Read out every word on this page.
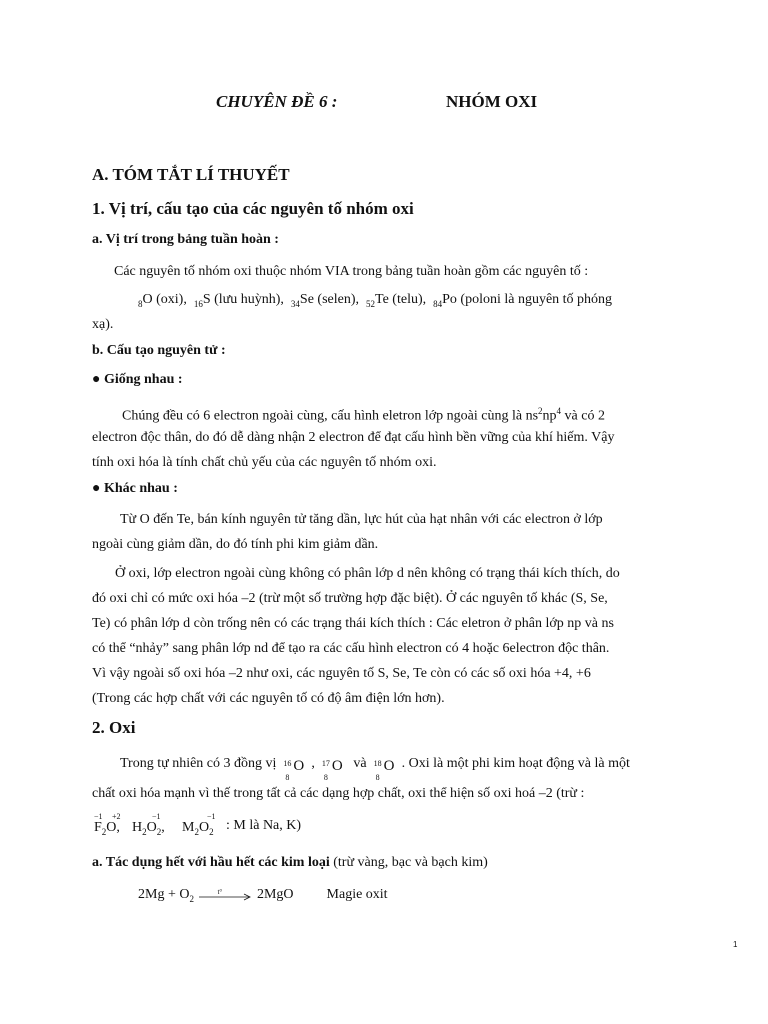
CHUYÊN ĐỀ 6 :	NHÓM OXI
A. TÓM TẮT LÍ THUYẾT
1. Vị trí, cấu tạo của các nguyên tố nhóm oxi
a. Vị trí trong bảng tuần hoàn :
Các nguyên tố nhóm oxi thuộc nhóm VIA trong bảng tuần hoàn gồm các nguyên tố :
$_8$O (oxi), $_{16}$S (lưu huỳnh), $_{34}$Se (selen), $_{52}$Te (telu), $_{84}$Po (poloni là nguyên tố phóng
xạ).
b. Cấu tạo nguyên tử :
● Giống nhau :
Chúng đều có 6 electron ngoài cùng, cấu hình eletron lớp ngoài cùng là $ns^2np^4$ và có 2
electron độc thân, do đó dễ dàng nhận 2 electron để đạt cấu hình bền vững của khí hiếm. Vậy
tính oxi hóa là tính chất chủ yếu của các nguyên tố nhóm oxi.
● Khác nhau :
Từ O đến Te, bán kính nguyên tử tăng dần, lực hút của hạt nhân với các electron ở lớp
ngoài cùng giảm dần, do đó tính phi kim giảm dần.
Ở oxi, lớp electron ngoài cùng không có phân lớp d nên không có trạng thái kích thích, do
đó oxi chỉ có mức oxi hóa –2 (trừ một số trường hợp đặc biệt). Ở các nguyên tố khác (S, Se,
Te) có phân lớp d còn trống nên có các trạng thái kích thích : Các eletron ở phân lớp np và ns
có thể “nhảy” sang phân lớp nd để tạo ra các cấu hình electron có 4 hoặc 6electron độc thân.
Vì vậy ngoài số oxi hóa –2 như oxi, các nguyên tố S, Se, Te còn có các số oxi hóa +4, +6
(Trong các hợp chất với các nguyên tố có độ âm điện lớn hơn).
2. Oxi
Trong tự nhiên có 3 đồng vị 16
8
O , 17
8
O và 18
8
O . Oxi là một phi kim hoạt động và là một
chất oxi hóa mạnh vì thế trong tất cả các dạng hợp chất, oxi thể hiện số oxi hoá –2 (trừ :
−1 +2
$F_2O$,
−1
$H_2O_2$,
−1
$M_2O_2$ : M là Na, K)
a. Tác dụng hết với hầu hết các kim loại (trừ vàng, bạc và bạch kim)
$2Mg + O_2$
t° 2MgO Magie oxit
1
